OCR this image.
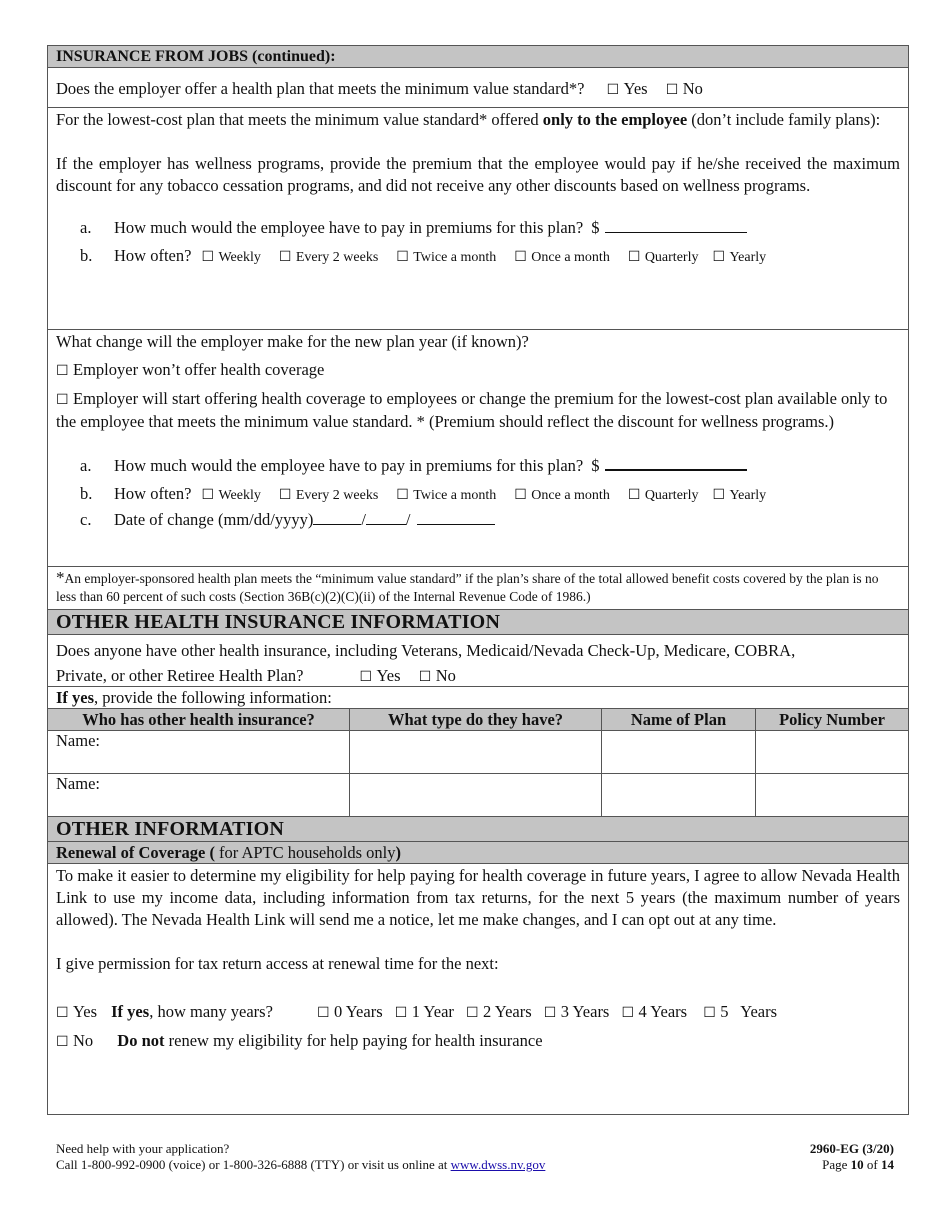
INSURANCE FROM JOBS (continued):
Does the employer offer a health plan that meets the minimum value standard*? ☐ Yes ☐ No

For the lowest-cost plan that meets the minimum value standard* offered only to the employee (don’t include family plans):

If the employer has wellness programs, provide the premium that the employee would pay if he/she received the maximum discount for any tobacco cessation programs, and did not receive any other discounts based on wellness programs.

a.	How much would the employee have to pay in premiums for this plan? $
b.	How often? ☐ Weekly ☐ Every 2 weeks ☐ Twice a month ☐ Once a month ☐ Quarterly ☐ Yearly

What change will the employer make for the new plan year (if known)?

☐ Employer won’t offer health coverage

☐ Employer will start offering health coverage to employees or change the premium for the lowest-cost plan available only to the employee that meets the minimum value standard. * (Premium should reflect the discount for wellness programs.)

a.	How much would the employee have to pay in premiums for this plan? $
b.	How often? ☐ Weekly ☐ Every 2 weeks ☐ Twice a month ☐ Once a month ☐ Quarterly ☐ Yearly
c.	Date of change (mm/dd/yyyy)	/ /
*An employer-sponsored health plan meets the “minimum value standard” if the plan’s share of the total allowed benefit costs covered by the plan is no less than 60 percent of such costs (Section 36B(c)(2)(C)(ii) of the Internal Revenue Code of 1986.)
OTHER HEALTH INSURANCE INFORMATION

Does anyone have other health insurance, including Veterans, Medicaid/Nevada Check-Up, Medicare, COBRA,

Private, or other Retiree Health Plan?	☐ Yes ☐ No

If yes, provide the following information:
Who has other health insurance?	What type do they have?	Name of Plan	Policy Number
Name:
Name:
OTHER INFORMATION
Renewal of Coverage ( for APTC households only )

To make it easier to determine my eligibility for help paying for health coverage in future years, I agree to allow Nevada Health Link to use my income data, including information from tax returns, for the next 5 years (the maximum number of years allowed). The Nevada Health Link will send me a notice, let me make changes, and I can opt out at any time.

I give permission for tax return access at renewal time for the next:

☐ Yes If yes, how many years?	☐ 0 Years ☐ 1 Year ☐ 2 Years ☐ 3 Years ☐ 4 Years ☐ 5   Years

☐ No Do not renew my eligibility for help paying for health insurance

Need help with your application?
Call 1-800-992-0900 (voice) or 1-800-326-6888 (TTY) or visit us online at www.dwss.nv.gov
2960-EG (3/20)
Page 10 of 14
